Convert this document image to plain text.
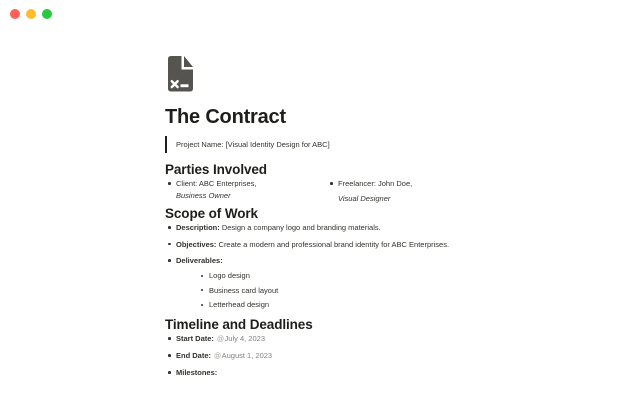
The Contract
Project Name: [Visual Identity Design for ABC]
Parties Involved
Client: ABC Enterprises,
Business Owner
Freelancer: John Doe,
Visual Designer
Scope of Work
Description: Design a company logo and branding materials.
Objectives: Create a modern and professional brand identity for ABC Enterprises.
Deliverables:
Logo design
Business card layout
Letterhead design
Timeline and Deadlines
Start Date: @July 4, 2023
End Date: @August 1, 2023
Milestones:
